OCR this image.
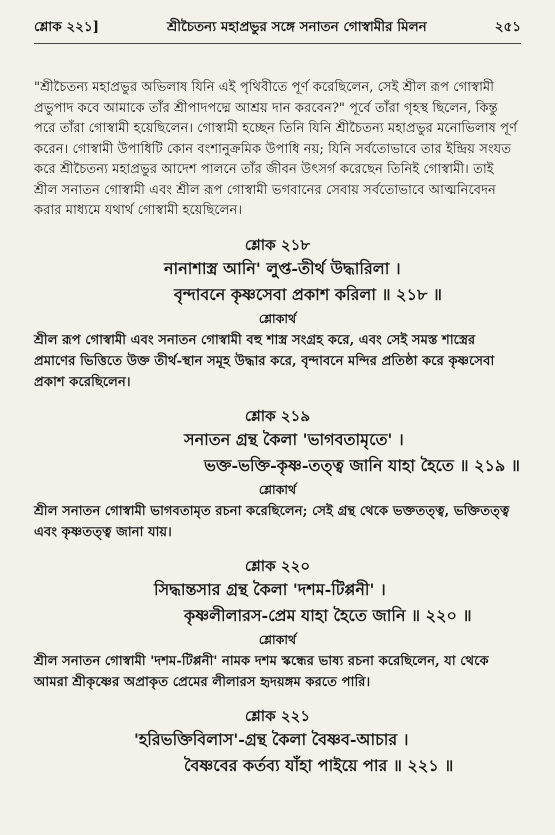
শ্লোক ২২১]	শ্রীচৈতন্য মহাপ্রভুর সঙ্গে সনাতন গোস্বামীর মিলন	২৫১

"শ্রীচৈতন্য মহাপ্রভুর অভিলাষ যিনি এই পৃথিবীতে পূর্ণ করেছিলেন, সেই শ্রীল রূপ গোস্বামী প্রভুপাদ কবে আমাকে তাঁর শ্রীপাদপদ্মে আশ্রয় দান করবেন?" পূর্বে তাঁরা গৃহস্থ ছিলেন, কিন্তু পরে তাঁরা গোস্বামী হয়েছিলেন। গোস্বামী হচ্ছেন তিনি যিনি শ্রীচৈতন্য মহাপ্রভুর মনোভিলাষ পূর্ণ করেন। গোস্বামী উপাধিটি কোন বংশানুক্রমিক উপাধি নয়; যিনি সর্বতোভাবে তার ইন্দ্রিয় সংযত করে শ্রীচৈতন্য মহাপ্রভুর আদেশ পালনে তাঁর জীবন উৎসর্গ করেছেন তিনিই গোস্বামী। তাই শ্রীল সনাতন গোস্বামী এবং শ্রীল রূপ গোস্বামী ভগবানের সেবায় সর্বতোভাবে আত্মনিবেদন করার মাধ্যমে যথার্থ গোস্বামী হয়েছিলেন।

শ্লোক ২১৮
নানাশাস্ত্র আনি' লুপ্ত-তীর্থ উদ্ধারিলা ।
বৃন্দাবনে কৃষ্ণসেবা প্রকাশ করিলা ॥ ২১৮ ॥
শ্লোকার্থ

শ্রীল রূপ গোস্বামী এবং সনাতন গোস্বামী বহু শাস্ত্র সংগ্রহ করে, এবং সেই সমস্ত শাস্ত্রের প্রমাণের ভিত্তিতে উক্ত তীর্থ-স্থান সমূহ উদ্ধার করে, বৃন্দাবনে মন্দির প্রতিষ্ঠা করে কৃষ্ণসেবা প্রকাশ করেছিলেন।

শ্লোক ২১৯
সনাতন গ্রন্থ কৈলা 'ভাগবতামৃতে' ।
ভক্ত-ভক্তি-কৃষ্ণ-তত্ত্ব জানি যাহা হৈতে ॥ ২১৯ ॥
শ্লোকার্থ

শ্রীল সনাতন গোস্বামী ভাগবতামৃত রচনা করেছিলেন; সেই গ্রন্থ থেকে ভক্ততত্ত্ব, ভক্তিতত্ত্ব এবং কৃষ্ণতত্ত্ব জানা যায়।

শ্লোক ২২০
সিদ্ধান্তসার গ্রন্থ কৈলা 'দশম-টিপ্পনী' ।
কৃষ্ণলীলারস-প্রেম যাহা হৈতে জানি ॥ ২২০ ॥
শ্লোকার্থ

শ্রীল সনাতন গোস্বামী 'দশম-টিপ্পনী' নামক দশম স্কন্ধের ভাষ্য রচনা করেছিলেন, যা থেকে আমরা শ্রীকৃষ্ণের অপ্রাকৃত প্রেমের লীলারস হৃদয়ঙ্গম করতে পারি।

শ্লোক ২২১
'হরিভক্তিবিলাস'-গ্রন্থ কৈলা বৈষ্ণব-আচার ।
বৈষ্ণবের কর্তব্য যাঁহা পাইয়ে পার ॥ ২২১ ॥
